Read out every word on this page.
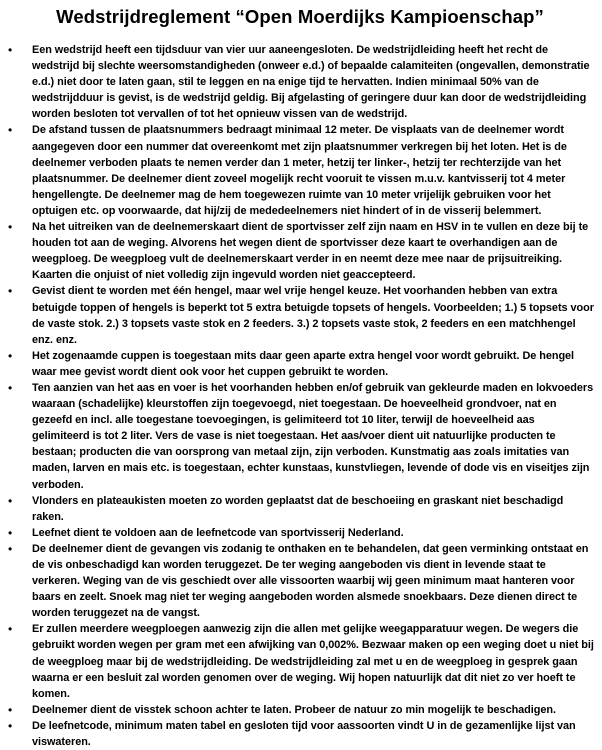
Wedstrijdreglement “Open Moerdijks Kampioenschap”
• Een wedstrijd heeft een tijdsduur van vier uur aaneengesloten. De wedstrijdleiding heeft het recht de wedstrijd bij slechte weersomstandigheden (onweer e.d.) of bepaalde calamiteiten (ongevallen, demonstratie e.d.) niet door te laten gaan, stil te leggen en na enige tijd te hervatten. Indien minimaal 50% van de wedstrijdduur is gevist, is de wedstrijd geldig. Bij afgelasting of geringere duur kan door de wedstrijdleiding worden besloten tot vervallen of tot het opnieuw vissen van de wedstrijd.
• De afstand tussen de plaatsnummers bedraagt minimaal 12 meter. De visplaats van de deelnemer wordt aangegeven door een nummer dat overeenkomt met zijn plaatsnummer verkregen bij het loten. Het is de deelnemer verboden plaats te nemen verder dan 1 meter, hetzij ter linker-, hetzij ter rechterzijde van het plaatsnummer. De deelnemer dient zoveel mogelijk recht vooruit te vissen m.u.v. kantvisserij tot 4 meter hengellengte. De deelnemer mag de hem toegewezen ruimte van 10 meter vrijelijk gebruiken voor het optuigen etc. op voorwaarde, dat hij/zij de mededeelnemers niet hindert of in de visserij belemmert.
• Na het uitreiken van de deelnemerskaart dient de sportvisser zelf zijn naam en HSV in te vullen en deze bij te houden tot aan de weging. Alvorens het wegen dient de sportvisser deze kaart te overhandigen aan de weegploeg. De weegploeg vult de deelnemerskaart verder in en neemt deze mee naar de prijsuitreiking. Kaarten die onjuist of niet volledig zijn ingevuld worden niet geaccepteerd.
• Gevist dient te worden met één hengel, maar wel vrije hengel keuze. Het voorhanden hebben van extra betuigde toppen of hengels is beperkt tot 5 extra betuigde topsets of hengels. Voorbeelden; 1.) 5 topsets voor de vaste stok. 2.) 3 topsets vaste stok en 2 feeders. 3.) 2 topsets vaste stok, 2 feeders en een matchhengel enz. enz.
• Het zogenaamde cuppen is toegestaan mits daar geen aparte extra hengel voor wordt gebruikt. De hengel waar mee gevist wordt dient ook voor het cuppen gebruikt te worden.
• Ten aanzien van het aas en voer is het voorhanden hebben en/of gebruik van gekleurde maden en lokvoeders waaraan (schadelijke) kleurstoffen zijn toegevoegd, niet toegestaan. De hoeveelheid grondvoer, nat en gezeefd en incl. alle toegestane toevoegingen, is gelimiteerd tot 10 liter, terwijl de hoeveelheid aas gelimiteerd is tot 2 liter. Vers de vase is niet toegestaan. Het aas/voer dient uit natuurlijke producten te bestaan; producten die van oorsprong van metaal zijn, zijn verboden. Kunstmatig aas zoals imitaties van maden, larven en mais etc. is toegestaan, echter kunstaas, kunstvliegen, levende of dode vis en viseitjes zijn verboden.
• Vlonders en plateaukisten moeten zo worden geplaatst dat de beschoeiing en graskant niet beschadigd raken.
• Leefnet dient te voldoen aan de leefnetcode van sportvisserij Nederland.
• De deelnemer dient de gevangen vis zodanig te onthaken en te behandelen, dat geen verminking ontstaat en de vis onbeschadigd kan worden teruggezet. De ter weging aangeboden vis dient in levende staat te verkeren. Weging van de vis geschiedt over alle vissoorten waarbij wij geen minimum maat hanteren voor baars en zeelt. Snoek mag niet ter weging aangeboden worden alsmede snoekbaars. Deze dienen direct te worden teruggezet na de vangst.
• Er zullen meerdere weegploegen aanwezig zijn die allen met gelijke weegapparatuur wegen. De wegers die gebruikt worden wegen per gram met een afwijking van 0,002%. Bezwaar maken op een weging doet u niet bij de weegploeg maar bij de wedstrijdleiding. De wedstrijdleiding zal met u en de weegploeg in gesprek gaan waarna er een besluit zal worden genomen over de weging. Wij hopen natuurlijk dat dit niet zo ver hoeft te komen.
• Deelnemer dient de visstek schoon achter te laten. Probeer de natuur zo min mogelijk te beschadigen.
• De leefnetcode, minimum maten tabel en gesloten tijd voor aassoorten vindt U in de gezamenlijke lijst van viswateren.
